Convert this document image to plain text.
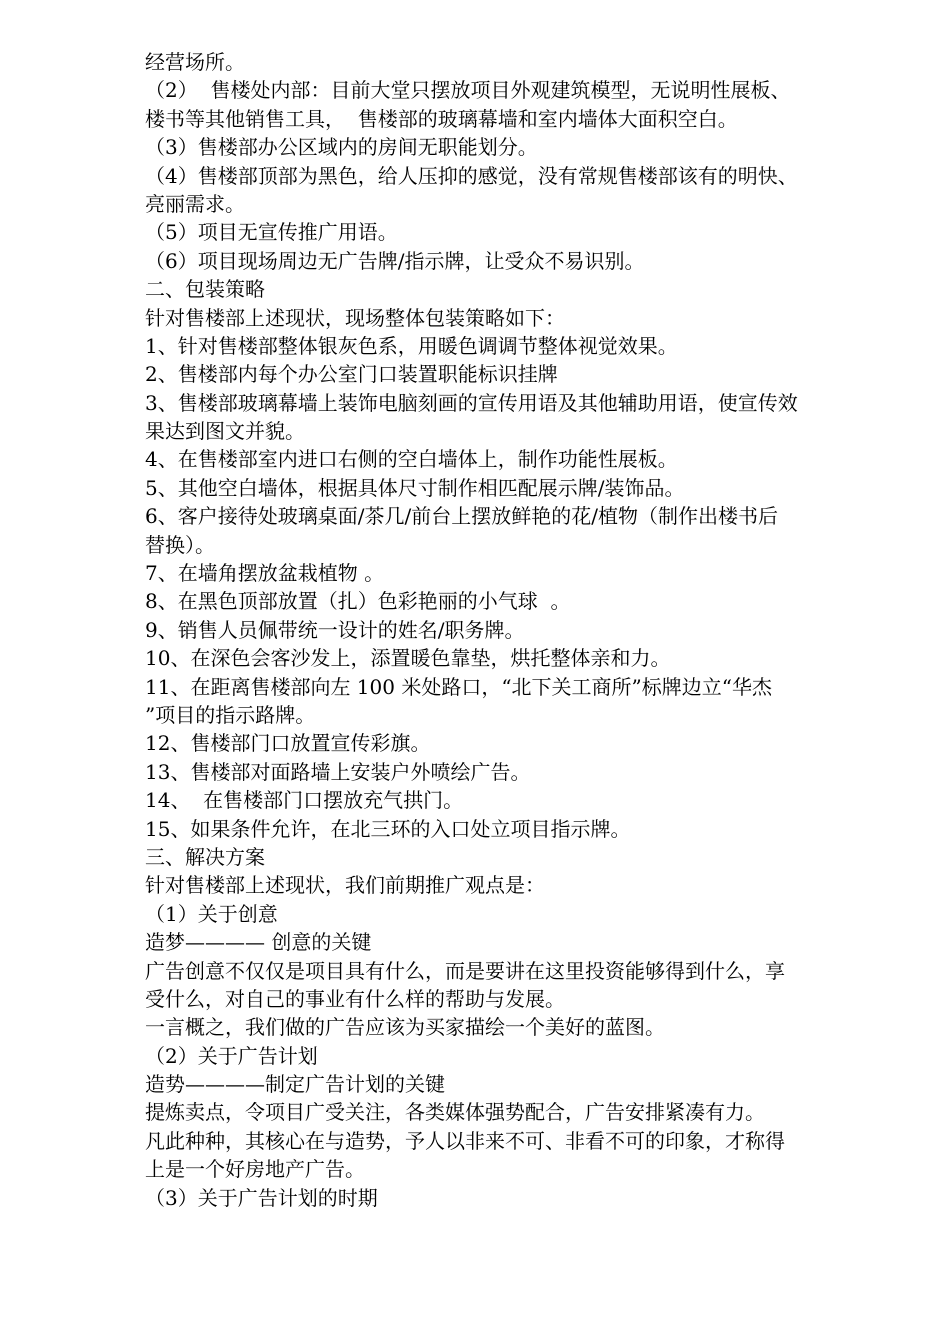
经营场所。
（2）  售楼处内部：目前大堂只摆放项目外观建筑模型，无说明性展板、
楼书等其他销售工具，  售楼部的玻璃幕墙和室内墙体大面积空白。
（3）售楼部办公区域内的房间无职能划分。
（4）售楼部顶部为黑色，给人压抑的感觉，没有常规售楼部该有的明快、
亮丽需求。
（5）项目无宣传推广用语。
（6）项目现场周边无广告牌/指示牌，让受众不易识别。
二、包装策略
针对售楼部上述现状，现场整体包装策略如下：
1、针对售楼部整体银灰色系，用暖色调调节整体视觉效果。
2、售楼部内每个办公室门口装置职能标识挂牌
3、售楼部玻璃幕墙上装饰电脑刻画的宣传用语及其他辅助用语，使宣传效
果达到图文并貌。
4、在售楼部室内进口右侧的空白墙体上，制作功能性展板。
5、其他空白墙体，根据具体尺寸制作相匹配展示牌/装饰品。
6、客户接待处玻璃桌面/茶几/前台上摆放鲜艳的花/植物（制作出楼书后
替换）。
7、在墙角摆放盆栽植物 。
8、在黑色顶部放置（扎）色彩艳丽的小气球  。
9、销售人员佩带统一设计的姓名/职务牌。
10、在深色会客沙发上，添置暖色靠垫，烘托整体亲和力。
11、在距离售楼部向左 100 米处路口，“北下关工商所”标牌边立“华杰
”项目的指示路牌。
12、售楼部门口放置宣传彩旗。
13、售楼部对面路墙上安装户外喷绘广告。
14、  在售楼部门口摆放充气拱门。
15、如果条件允许，在北三环的入口处立项目指示牌。
三、解决方案
针对售楼部上述现状，我们前期推广观点是：
（1）关于创意
造梦———— 创意的关键
广告创意不仅仅是项目具有什么，而是要讲在这里投资能够得到什么，享
受什么，对自己的事业有什么样的帮助与发展。
一言概之，我们做的广告应该为买家描绘一个美好的蓝图。
（2）关于广告计划
造势————制定广告计划的关键
提炼卖点，令项目广受关注，各类媒体强势配合，广告安排紧凑有力。
凡此种种，其核心在与造势，予人以非来不可、非看不可的印象，才称得
上是一个好房地产广告。
（3）关于广告计划的时期
